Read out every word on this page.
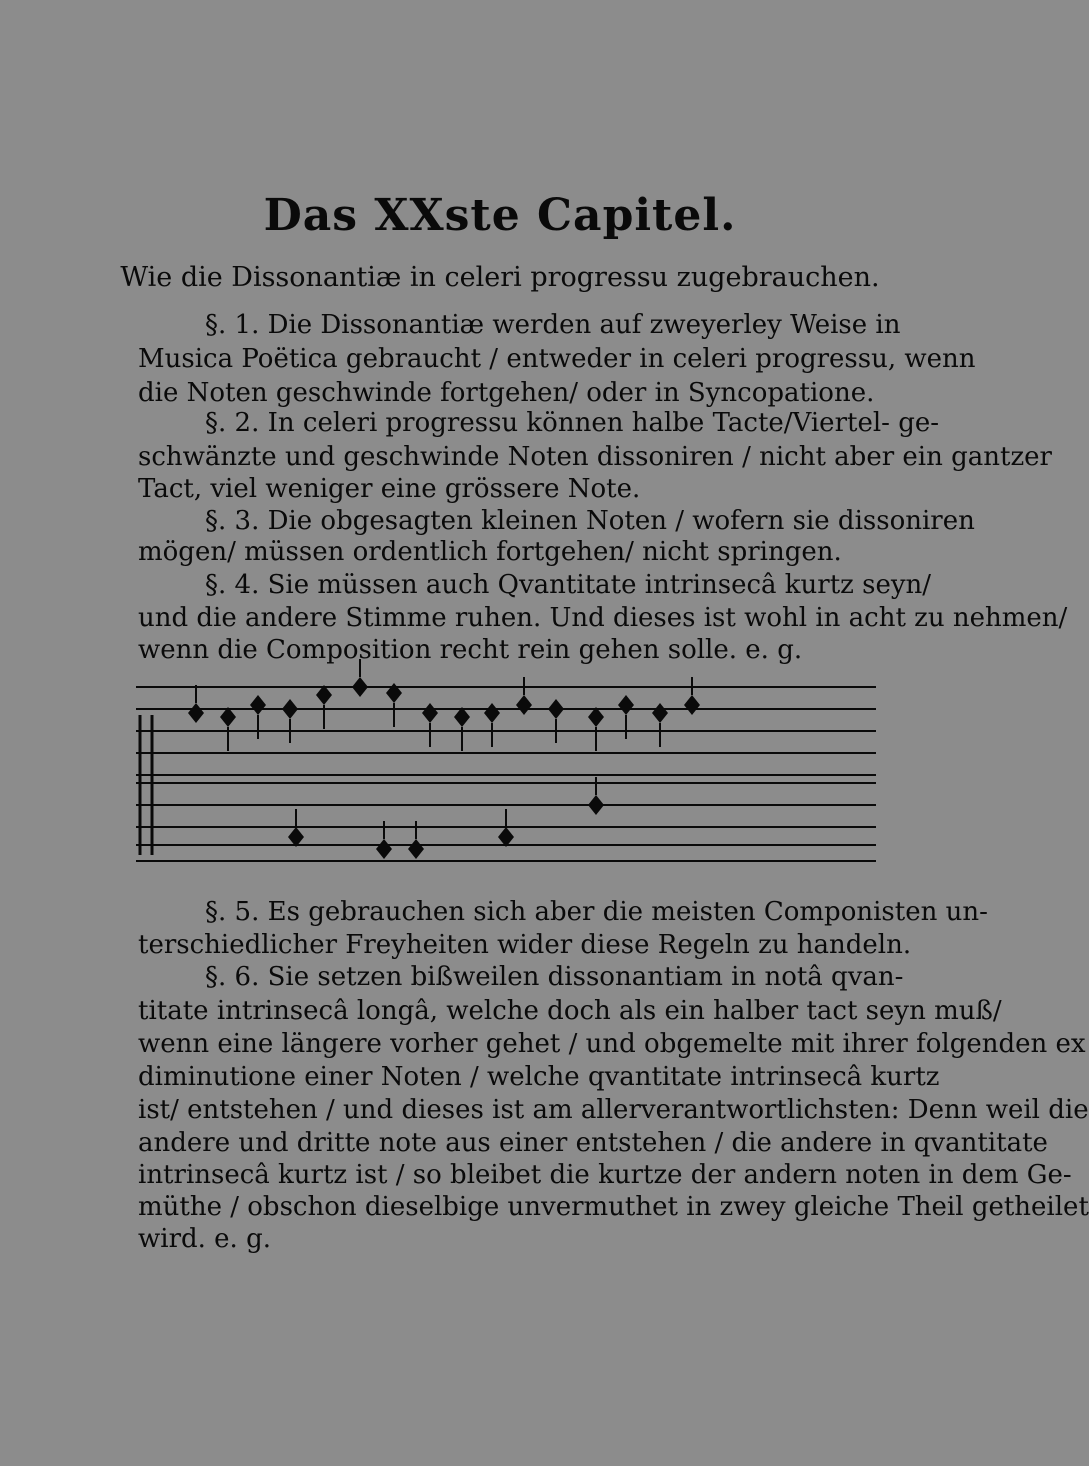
Das XXste Capitel.
Wie die Dissonantiæ in celeri progressu zugebrauchen.
§. 1. Die Dissonantiæ werden auf zweyerley Weise in
Musica Poëtica gebraucht / entweder in celeri progressu, wenn
die Noten geschwinde fortgehen/ oder in Syncopatione.
§. 2. In celeri progressu können halbe Tacte/Viertel- ge-
schwänzte und geschwinde Noten dissoniren / nicht aber ein gantzer
Tact, viel weniger eine grössere Note.
§. 3. Die obgesagten kleinen Noten / wofern sie dissoniren
mögen/ müssen ordentlich fortgehen/ nicht springen.
§. 4. Sie müssen auch Qvantitate intrinsecâ kurtz seyn/
und die andere Stimme ruhen. Und dieses ist wohl in acht zu nehmen/
wenn die Composition recht rein gehen solle. e. g.
§. 5. Es gebrauchen sich aber die meisten Componisten un-
terschiedlicher Freyheiten wider diese Regeln zu handeln.
§. 6. Sie setzen bißweilen dissonantiam in notâ qvan-
titate intrinsecâ longâ, welche doch als ein halber tact seyn muß/
wenn eine längere vorher gehet / und obgemelte mit ihrer folgenden ex
diminutione einer Noten / welche qvantitate intrinsecâ kurtz
ist/ entstehen / und dieses ist am allerverantwortlichsten: Denn weil die
andere und dritte note aus einer entstehen / die andere in qvantitate
intrinsecâ kurtz ist / so bleibet die kurtze der andern noten in dem Ge-
müthe / obschon dieselbige unvermuthet in zwey gleiche Theil getheilet
wird. e. g.
